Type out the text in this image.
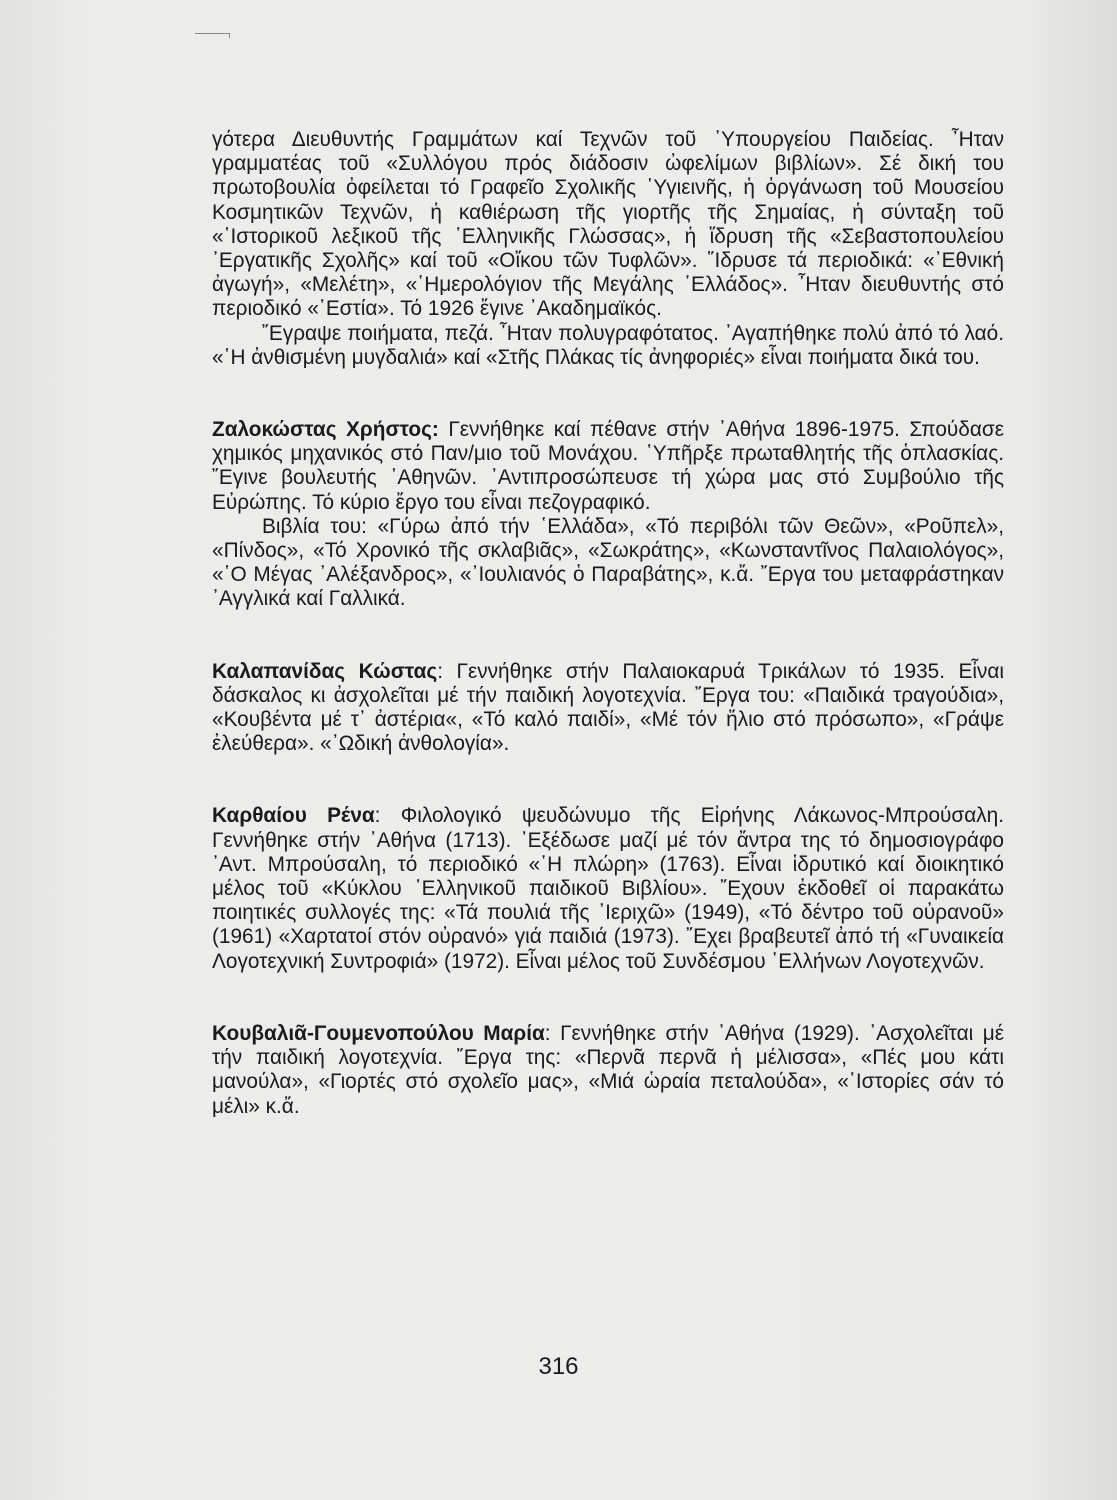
γότερα Διευθυντής Γραμμάτων καί Τεχνῶν τοῦ ᾿Υπουργείου Παιδείας. ῏Ηταν γραμματέας τοῦ «Συλλόγου πρός διάδοσιν ὠφελίμων βιβλίων». Σέ δική του πρωτοβουλία ὀφείλεται τό Γραφεῖο Σχολικῆς ῾Υγιεινῆς, ἡ ὀργάνωση τοῦ Μουσείου Κοσμητικῶν Τεχνῶν, ἡ καθιέρωση τῆς γιορτῆς τῆς Σημαίας, ἡ σύνταξη τοῦ «῾Ιστορικοῦ λεξικοῦ τῆς ῾Ελληνικῆς Γλώσσας», ἡ ἵδρυση τῆς «Σεβαστοπουλείου ᾿Εργατικῆς Σχολῆς» καί τοῦ «Οἴκου τῶν Τυφλῶν». ῞Ιδρυσε τά περιοδικά: «᾿Εθνική ἀγωγή», «Μελέτη», «῾Ημερολόγιον τῆς Μεγάλης ῾Ελλάδος». ῏Ηταν διευθυντής στό περιοδικό «῾Εστία». Τό 1926 ἔγινε ᾿Ακαδημαϊκός.

῎Εγραψε ποιήματα, πεζά. ῏Ηταν πολυγραφότατος. ᾿Αγαπήθηκε πολύ ἀπό τό λαό. «῾Η ἀνθισμένη μυγδαλιά» καί «Στῆς Πλάκας τίς ἀνηφοριές» εἶναι ποιήματα δικά του.

Ζαλοκώστας Χρήστος: Γεννήθηκε καί πέθανε στήν ᾿Αθήνα 1896-1975. Σπούδασε χημικός μηχανικός στό Παν/μιο τοῦ Μονάχου. ῾Υπῆρξε πρωταθλητής τῆς ὁπλασκίας. ῎Εγινε βουλευτής ᾿Αθηνῶν. ᾿Αντιπροσώπευσε τή χώρα μας στό Συμβούλιο τῆς Εὐρώπης. Τό κύριο ἔργο του εἶναι πεζογραφικό.

Βιβλία του: «Γύρω ἀπό τήν ῾Ελλάδα», «Τό περιβόλι τῶν Θεῶν», «Ροῦπελ», «Πίνδος», «Τό Χρονικό τῆς σκλαβιᾶς», «Σωκράτης», «Κωνσταντῖνος Παλαιολόγος», «῾Ο Μέγας ᾿Αλέξανδρος», «᾿Ιουλιανός ὁ Παραβάτης», κ.ἄ. ῎Εργα του μεταφράστηκαν ᾿Αγγλικά καί Γαλλικά.

Καλαπανίδας Κώστας: Γεννήθηκε στήν Παλαιοκαρυά Τρικάλων τό 1935. Εἶναι δάσκαλος κι ἀσχολεῖται μέ τήν παιδική λογοτεχνία. ῎Εργα του: «Παιδικά τραγούδια», «Κουβέντα μέ τ᾿ ἀστέρια«, «Τό καλό παιδί», «Μέ τόν ἥλιο στό πρόσωπο», «Γράψε ἐλεύθερα». «᾿Ωδική ἀνθολογία».

Καρθαίου Ρένα: Φιλολογικό ψευδώνυμο τῆς Εἰρήνης Λάκωνος-Μπρούσαλη. Γεννήθηκε στήν ᾿Αθήνα (1713). ᾿Εξέδωσε μαζί μέ τόν ἄντρα της τό δημοσιογράφο ᾿Αντ. Μπρούσαλη, τό περιοδικό «῾Η πλώρη» (1763). Εἶναι ἱδρυτικό καί διοικητικό μέλος τοῦ «Κύκλου ῾Ελληνικοῦ παιδικοῦ Βιβλίου». ῎Εχουν ἐκδοθεῖ οἱ παρακάτω ποιητικές συλλογές της: «Τά πουλιά τῆς ᾿Ιεριχῶ» (1949), «Τό δέντρο τοῦ οὐρανοῦ» (1961) «Χαρτατοί στόν οὐρανό» γιά παιδιά (1973). ῎Εχει βραβευτεῖ ἀπό τή «Γυναικεία Λογοτεχνική Συντροφιά» (1972). Εἶναι μέλος τοῦ Συνδέσμου ῾Ελλήνων Λογοτεχνῶν.

Κουβαλιᾶ-Γουμενοπούλου Μαρία: Γεννήθηκε στήν ᾿Αθήνα (1929). ᾿Ασχολεῖται μέ τήν παιδική λογοτεχνία. ῎Εργα της: «Περνᾶ περνᾶ ἡ μέλισσα», «Πές μου κάτι μανούλα», «Γιορτές στό σχολεῖο μας», «Μιά ὡραία πεταλούδα», «῾Ιστορίες σάν τό μέλι» κ.ἄ.

316
